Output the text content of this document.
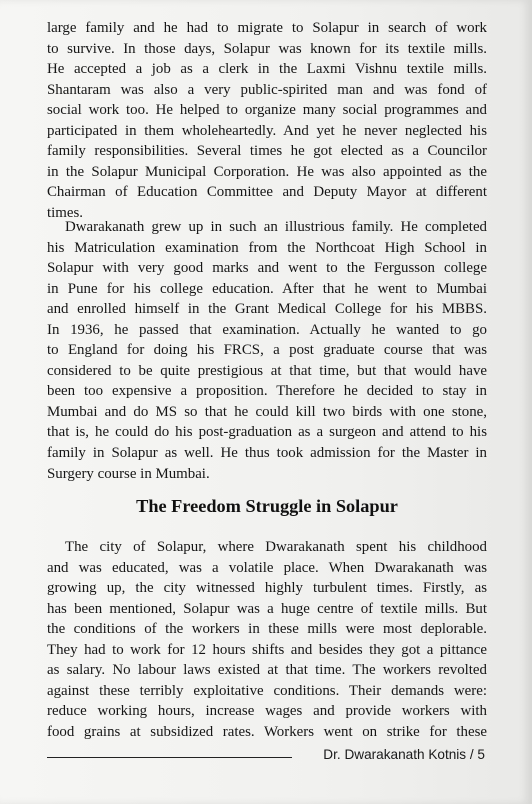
large family and he had to migrate to Solapur in search of work
to survive. In those days, Solapur was known for its textile mills.
He accepted a job as a clerk in the Laxmi Vishnu textile mills.
Shantaram was also a very public-spirited man and was fond of
social work too. He helped to organize many social programmes and
participated in them wholeheartedly. And yet he never neglected his
family responsibilities. Several times he got elected as a Councilor
in the Solapur Municipal Corporation. He was also appointed as the
Chairman of Education Committee and Deputy Mayor at different
times.
Dwarakanath grew up in such an illustrious family. He completed
his Matriculation examination from the Northcoat High School in
Solapur with very good marks and went to the Fergusson college
in Pune for his college education. After that he went to Mumbai
and enrolled himself in the Grant Medical College for his MBBS.
In 1936, he passed that examination. Actually he wanted to go
to England for doing his FRCS, a post graduate course that was
considered to be quite prestigious at that time, but that would have
been too expensive a proposition. Therefore he decided to stay in
Mumbai and do MS so that he could kill two birds with one stone,
that is, he could do his post-graduation as a surgeon and attend to his
family in Solapur as well. He thus took admission for the Master in
Surgery course in Mumbai.
The Freedom Struggle in Solapur
The city of Solapur, where Dwarakanath spent his childhood
and was educated, was a volatile place. When Dwarakanath was
growing up, the city witnessed highly turbulent times. Firstly, as
has been mentioned, Solapur was a huge centre of textile mills. But
the conditions of the workers in these mills were most deplorable.
They had to work for 12 hours shifts and besides they got a pittance
as salary. No labour laws existed at that time. The workers revolted
against these terribly exploitative conditions. Their demands were:
reduce working hours, increase wages and provide workers with
food grains at subsidized rates. Workers went on strike for these
Dr. Dwarakanath Kotnis / 5
